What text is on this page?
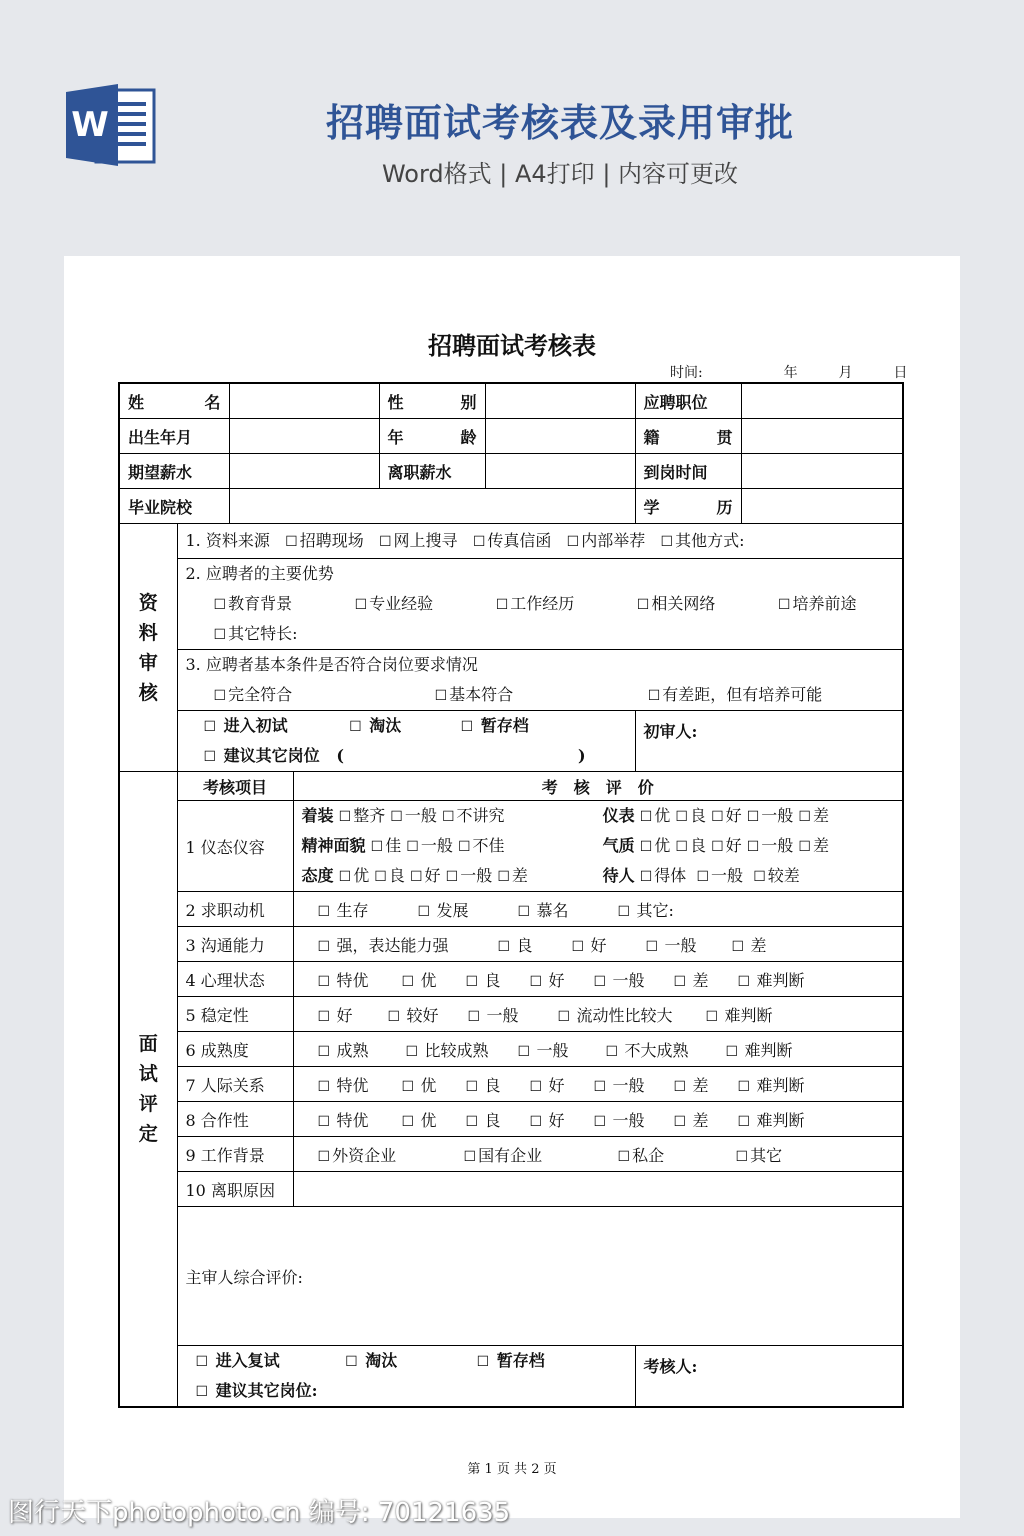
W	招聘面试考核表及录用审批
Word格式 | A4打印 | 内容可更改
招聘面试考核表
时间:	年	月	日
姓　名				性　别		应聘职位	
出生年月				年　龄		籍　贯	
期望薪水				离职薪水		到岗时间	
毕业院校						学　历	

资
料
审
核	1. 资料来源 ☐ 招聘现场 ☐ 网上搜寻 ☐ 传真信函 ☐ 内部举荐 ☐ 其他方式:						

	2. 应聘者的主要优势
☐ 教育背景 ☐ 专业经验 ☐ 工作经历 ☐ 相关网络 ☐ 培养前途
☐ 其它特长:						

	3. 应聘者基本条件是否符合岗位要求情况
☐ 完全符合 ☐ 基本符合 ☐ 有差距，但有培养可能						

	☐ 进入初试 ☐ 淘汰 ☐ 暂存档
☐ 建议其它岗位 ( )					初审人:	

面
试
评
定	考核项目		考　核　评　价				
	1 仪态仪容		着装 ☐ 整齐 ☐ 一般 ☐ 不讲究 仪表 ☐ 优 ☐ 良 ☐ 好 ☐ 一般 ☐ 差
精神面貌 ☐ 佳 ☐ 一般 ☐ 不佳 气质 ☐ 优 ☐ 良 ☐ 好 ☐ 一般 ☐ 差
态度 ☐ 优 ☐ 良 ☐ 好 ☐ 一般 ☐ 差 待人 ☐ 得体 ☐ 一般 ☐ 较差				

	2 求职动机		☐ 生存 ☐ 发展 ☐ 慕名 ☐ 其它:				
	3 沟通能力		☐ 强，表达能力强 ☐ 良 ☐ 好 ☐ 一般 ☐ 差				
	4 心理状态		☐ 特优 ☐ 优 ☐ 良 ☐ 好 ☐ 一般 ☐ 差 ☐ 难判断				
	5 稳定性		☐ 好 ☐ 较好 ☐ 一般 ☐ 流动性比较大 ☐ 难判断				
	6 成熟度		☐ 成熟 ☐ 比较成熟 ☐ 一般 ☐ 不大成熟 ☐ 难判断				
	7 人际关系		☐ 特优 ☐ 优 ☐ 良 ☐ 好 ☐ 一般 ☐ 差 ☐ 难判断				
	8 合作性		☐ 特优 ☐ 优 ☐ 良 ☐ 好 ☐ 一般 ☐ 差 ☐ 难判断				
	9 工作背景		☐ 外资企业 ☐ 国有企业 ☐ 私企 ☐ 其它				
	10 离职原因						
	主审人综合评价:						

	☐ 进入复试 ☐ 淘汰 ☐ 暂存档
☐ 建议其它岗位:					考核人:	
第 1 页 共 2 页
图行天下photophoto.cn 编号: 70121635
